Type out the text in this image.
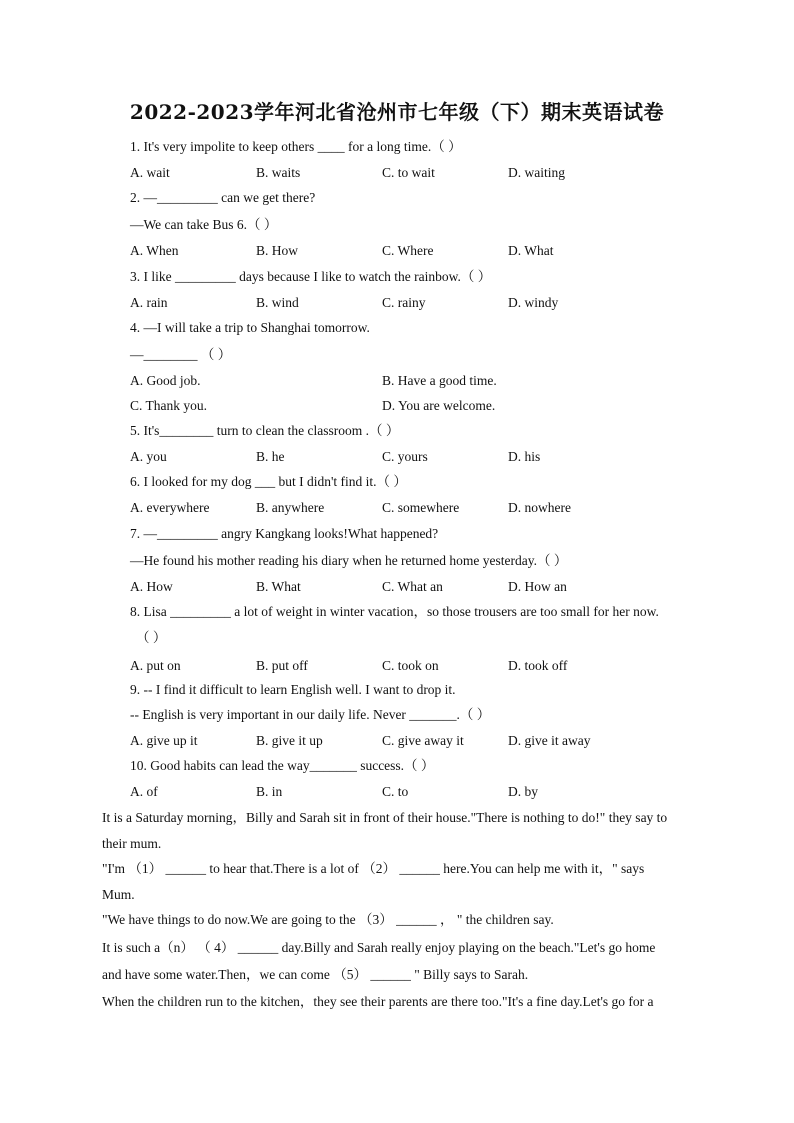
2022-2023学年河北省沧州市七年级（下）期末英语试卷
1. It's very impolite to keep others ____ for a long time.（ ）
A. wait	B. waits	C. to wait	D. waiting
2. —_________ can we get there?
—We can take Bus 6.（ ）
A. When	B. How	C. Where	D. What
3. I like _________ days because I like to watch the rainbow.（ ）
A. rain	B. wind	C. rainy	D. windy
4. —I will take a trip to Shanghai tomorrow.
—________ （ ）
A. Good job.	B. Have a good time.
C. Thank you.	D. You are welcome.
5. It's________ turn to clean the classroom .（ ）
A. you	B. he	C. yours	D. his
6. I looked for my dog ___ but I didn't find it.（ ）
A. everywhere	B. anywhere	C. somewhere	D. nowhere
7. —_________ angry Kangkang looks!What happened?
—He found his mother reading his diary when he returned home yesterday.（ ）
A. How	B. What	C. What an	D. How an
8. Lisa _________ a lot of weight in winter vacation，so those trousers are too small for her now.
（ ）
A. put on	B. put off	C. took on	D. took off
9. -- I find it difficult to learn English well. I want to drop it.
-- English is very important in our daily life. Never _______.（ ）
A. give up it	B. give it up	C. give away it	D. give it away
10. Good habits can lead the way_______ success.（ ）
A. of	B. in	C. to	D. by
It is a Saturday morning，Billy and Sarah sit in front of their house."There is nothing to do!" they say to
their mum.
"I'm （1） ______ to hear that.There is a lot of （2） ______ here.You can help me with it，" says
Mum.
"We have things to do now.We are going to the （3） ______ ， " the children say.
It is such a（n） （ 4） ______ day.Billy and Sarah really enjoy playing on the beach."Let's go home
and have some water.Then，we can come （5） ______ " Billy says to Sarah.
When the children run to the kitchen，they see their parents are there too."It's a fine day.Let's go for a
